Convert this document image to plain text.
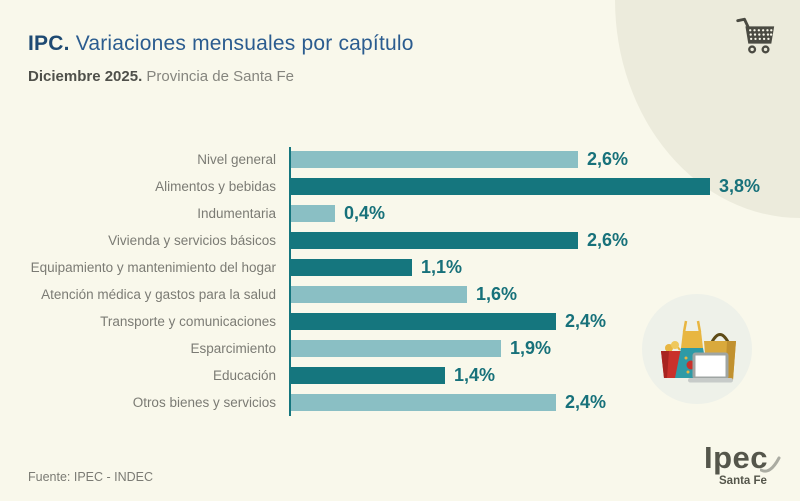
IPC. Variaciones mensuales por capítulo
Diciembre 2025. Provincia de Santa Fe
Nivel general	2,6%
Alimentos y bebidas	3,8%
Indumentaria	0,4%
Vivienda y servicios básicos	2,6%
Equipamiento y mantenimiento del hogar	1,1%
Atención médica y gastos para la salud	1,6%
Transporte y comunicaciones	2,4%
Esparcimiento	1,9%
Educación	1,4%
Otros bienes y servicios	2,4%
Fuente: IPEC - INDEC
Ipec
Santa Fe
